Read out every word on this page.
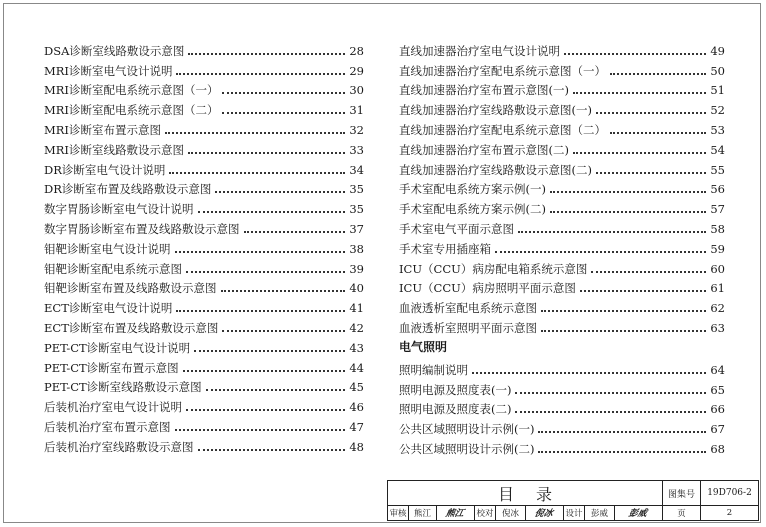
DSA诊断室线路敷设示意图	28
MRI诊断室电气设计说明	29
MRI诊断室配电系统示意图（一）	30
MRI诊断室配电系统示意图（二）	31
MRI诊断室布置示意图	32
MRI诊断室线路敷设示意图	33
DR诊断室电气设计说明	34
DR诊断室布置及线路敷设示意图	35
数字胃肠诊断室电气设计说明	35
数字胃肠诊断室布置及线路敷设示意图	37
钼靶诊断室电气设计说明	38
钼靶诊断室配电系统示意图	39
钼靶诊断室布置及线路敷设示意图	40
ECT诊断室电气设计说明	41
ECT诊断室布置及线路敷设示意图	42
PET-CT诊断室电气设计说明	43
PET-CT诊断室布置示意图	44
PET-CT诊断室线路敷设示意图	45
后装机治疗室电气设计说明	46
后装机治疗室布置示意图	47
后装机治疗室线路敷设示意图	48
直线加速器治疗室电气设计说明	49
直线加速器治疗室配电系统示意图（一）	50
直线加速器治疗室布置示意图(一)	51
直线加速器治疗室线路敷设示意图(一)	52
直线加速器治疗室配电系统示意图（二）	53
直线加速器治疗室布置示意图(二)	54
直线加速器治疗室线路敷设示意图(二)	55
手术室配电系统方案示例(一)	56
手术室配电系统方案示例(二)	57
手术室电气平面示意图	58
手术室专用插座箱	59
ICU（CCU）病房配电箱系统示意图	60
ICU（CCU）病房照明平面示意图	61
血液透析室配电系统示意图	62
血液透析室照明平面示意图	63
电气照明
照明编制说明	64
照明电源及照度表(一)	65
照明电源及照度表(二)	66
公共区域照明设计示例(一)	67
公共区域照明设计示例(二)	68
目录	图集号	19D706-2
审核 熊江	熊江 校对 倪冰	倪冰 设计 彭威	彭威	页	2
